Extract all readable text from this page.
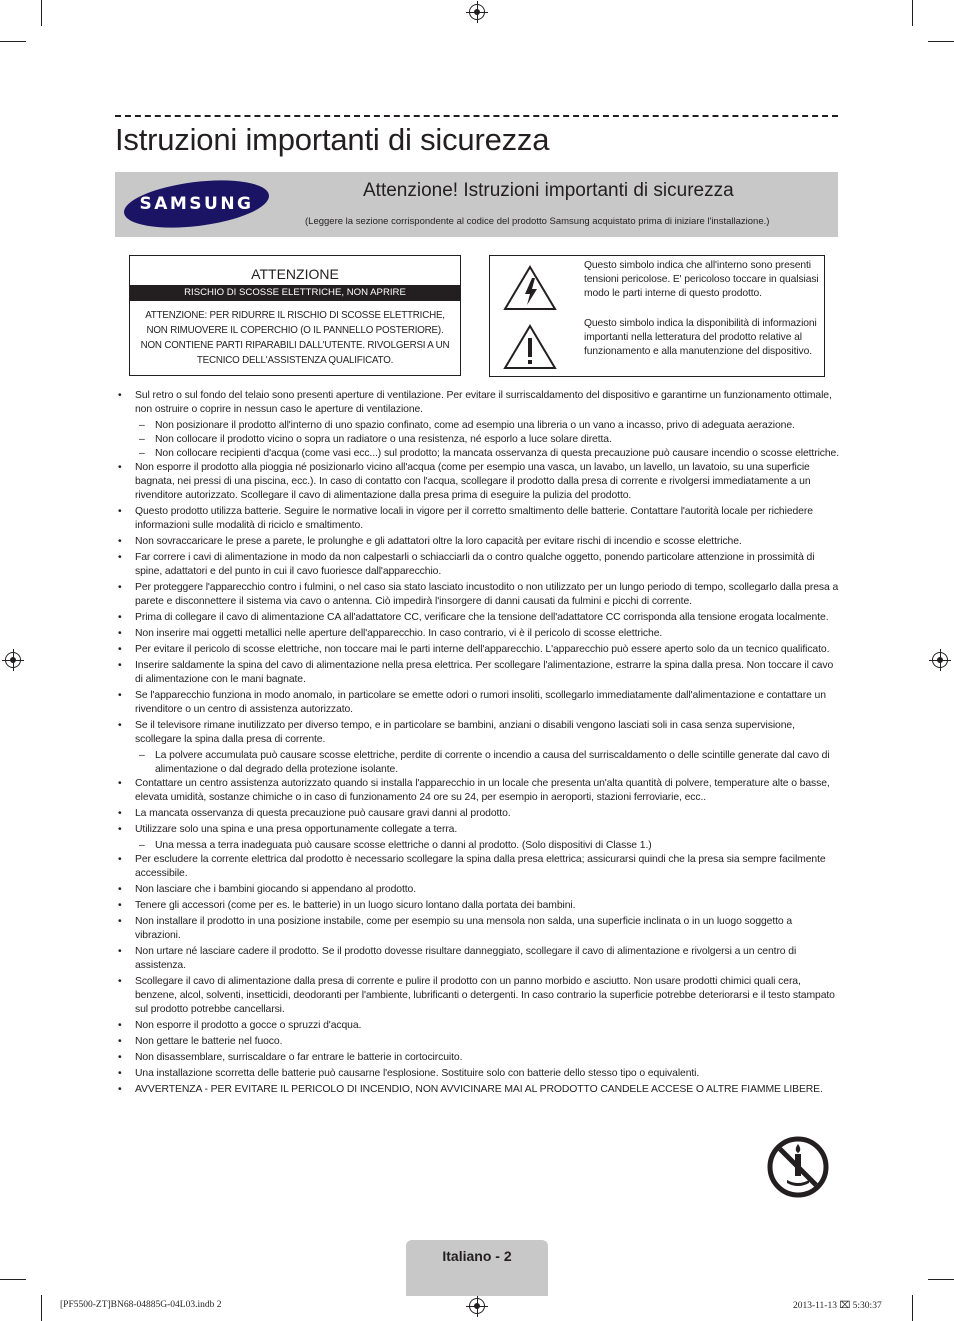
Istruzioni importanti di sicurezza
SAMSUNG
Attenzione! Istruzioni importanti di sicurezza
(Leggere la sezione corrispondente al codice del prodotto Samsung acquistato prima di iniziare l'installazione.)
ATTENZIONE
RISCHIO DI SCOSSE ELETTRICHE, NON APRIRE
ATTENZIONE: PER RIDURRE IL RISCHIO DI SCOSSE ELETTRICHE,
NON RIMUOVERE IL COPERCHIO (O IL PANNELLO POSTERIORE).
NON CONTIENE PARTI RIPARABILI DALL'UTENTE. RIVOLGERSI A UN
TECNICO DELL'ASSISTENZA QUALIFICATO.
Questo simbolo indica che all'interno sono presenti tensioni pericolose. E' pericoloso toccare in qualsiasi modo le parti interne di questo prodotto.
Questo simbolo indica la disponibilità di informazioni importanti nella letteratura del prodotto relative al funzionamento e alla manutenzione del dispositivo.
• Sul retro o sul fondo del telaio sono presenti aperture di ventilazione. Per evitare il surriscaldamento del dispositivo e garantirne un funzionamento ottimale, non ostruire o coprire in nessun caso le aperture di ventilazione.
– Non posizionare il prodotto all'interno di uno spazio confinato, come ad esempio una libreria o un vano a incasso, privo di adeguata aerazione.
– Non collocare il prodotto vicino o sopra un radiatore o una resistenza, né esporlo a luce solare diretta.
– Non collocare recipienti d'acqua (come vasi ecc...) sul prodotto; la mancata osservanza di questa precauzione può causare incendio o scosse elettriche.
• Non esporre il prodotto alla pioggia né posizionarlo vicino all'acqua (come per esempio una vasca, un lavabo, un lavello, un lavatoio, su una superficie bagnata, nei pressi di una piscina, ecc.). In caso di contatto con l'acqua, scollegare il prodotto dalla presa di corrente e rivolgersi immediatamente a un rivenditore autorizzato. Scollegare il cavo di alimentazione dalla presa prima di eseguire la pulizia del prodotto.
• Questo prodotto utilizza batterie. Seguire le normative locali in vigore per il corretto smaltimento delle batterie. Contattare l'autorità locale per richiedere informazioni sulle modalità di riciclo e smaltimento.
• Non sovraccaricare le prese a parete, le prolunghe e gli adattatori oltre la loro capacità per evitare rischi di incendio e scosse elettriche.
• Far correre i cavi di alimentazione in modo da non calpestarli o schiacciarli da o contro qualche oggetto, ponendo particolare attenzione in prossimità di spine, adattatori e del punto in cui il cavo fuoriesce dall'apparecchio.
• Per proteggere l'apparecchio contro i fulmini, o nel caso sia stato lasciato incustodito o non utilizzato per un lungo periodo di tempo, scollegarlo dalla presa a parete e disconnettere il sistema via cavo o antenna. Ciò impedirà l'insorgere di danni causati da fulmini e picchi di corrente.
• Prima di collegare il cavo di alimentazione CA all'adattatore CC, verificare che la tensione dell'adattatore CC corrisponda alla tensione erogata localmente.
• Non inserire mai oggetti metallici nelle aperture dell'apparecchio. In caso contrario, vi è il pericolo di scosse elettriche.
• Per evitare il pericolo di scosse elettriche, non toccare mai le parti interne dell'apparecchio. L'apparecchio può essere aperto solo da un tecnico qualificato.
• Inserire saldamente la spina del cavo di alimentazione nella presa elettrica. Per scollegare l'alimentazione, estrarre la spina dalla presa. Non toccare il cavo di alimentazione con le mani bagnate.
• Se l'apparecchio funziona in modo anomalo, in particolare se emette odori o rumori insoliti, scollegarlo immediatamente dall'alimentazione e contattare un rivenditore o un centro di assistenza autorizzato.
• Se il televisore rimane inutilizzato per diverso tempo, e in particolare se bambini, anziani o disabili vengono lasciati soli in casa senza supervisione, scollegare la spina dalla presa di corrente.
– La polvere accumulata può causare scosse elettriche, perdite di corrente o incendio a causa del surriscaldamento o delle scintille generate dal cavo di alimentazione o dal degrado della protezione isolante.
• Contattare un centro assistenza autorizzato quando si installa l'apparecchio in un locale che presenta un'alta quantità di polvere, temperature alte o basse, elevata umidità, sostanze chimiche o in caso di funzionamento 24 ore su 24, per esempio in aeroporti, stazioni ferroviarie, ecc..
• La mancata osservanza di questa precauzione può causare gravi danni al prodotto.
• Utilizzare solo una spina e una presa opportunamente collegate a terra.
– Una messa a terra inadeguata può causare scosse elettriche o danni al prodotto. (Solo dispositivi di Classe 1.)
• Per escludere la corrente elettrica dal prodotto è necessario scollegare la spina dalla presa elettrica; assicurarsi quindi che la presa sia sempre facilmente accessibile.
• Non lasciare che i bambini giocando si appendano al prodotto.
• Tenere gli accessori (come per es. le batterie) in un luogo sicuro lontano dalla portata dei bambini.
• Non installare il prodotto in una posizione instabile, come per esempio su una mensola non salda, una superficie inclinata o in un luogo soggetto a vibrazioni.
• Non urtare né lasciare cadere il prodotto. Se il prodotto dovesse risultare danneggiato, scollegare il cavo di alimentazione e rivolgersi a un centro di assistenza.
• Scollegare il cavo di alimentazione dalla presa di corrente e pulire il prodotto con un panno morbido e asciutto. Non usare prodotti chimici quali cera, benzene, alcol, solventi, insetticidi, deodoranti per l'ambiente, lubrificanti o detergenti. In caso contrario la superficie potrebbe deteriorarsi e il testo stampato sul prodotto potrebbe cancellarsi.
• Non esporre il prodotto a gocce o spruzzi d'acqua.
• Non gettare le batterie nel fuoco.
• Non disassemblare, surriscaldare o far entrare le batterie in cortocircuito.
• Una installazione scorretta delle batterie può causarne l'esplosione. Sostituire solo con batterie dello stesso tipo o equivalenti.
• AVVERTENZA - PER EVITARE IL PERICOLO DI INCENDIO, NON AVVICINARE MAI AL PRODOTTO CANDELE ACCESE O ALTRE FIAMME LIBERE.
Italiano - 2
[PF5500-ZT]BN68-04885G-04L03.indb 2	2013-11-13 ⌧ 5:30:37
